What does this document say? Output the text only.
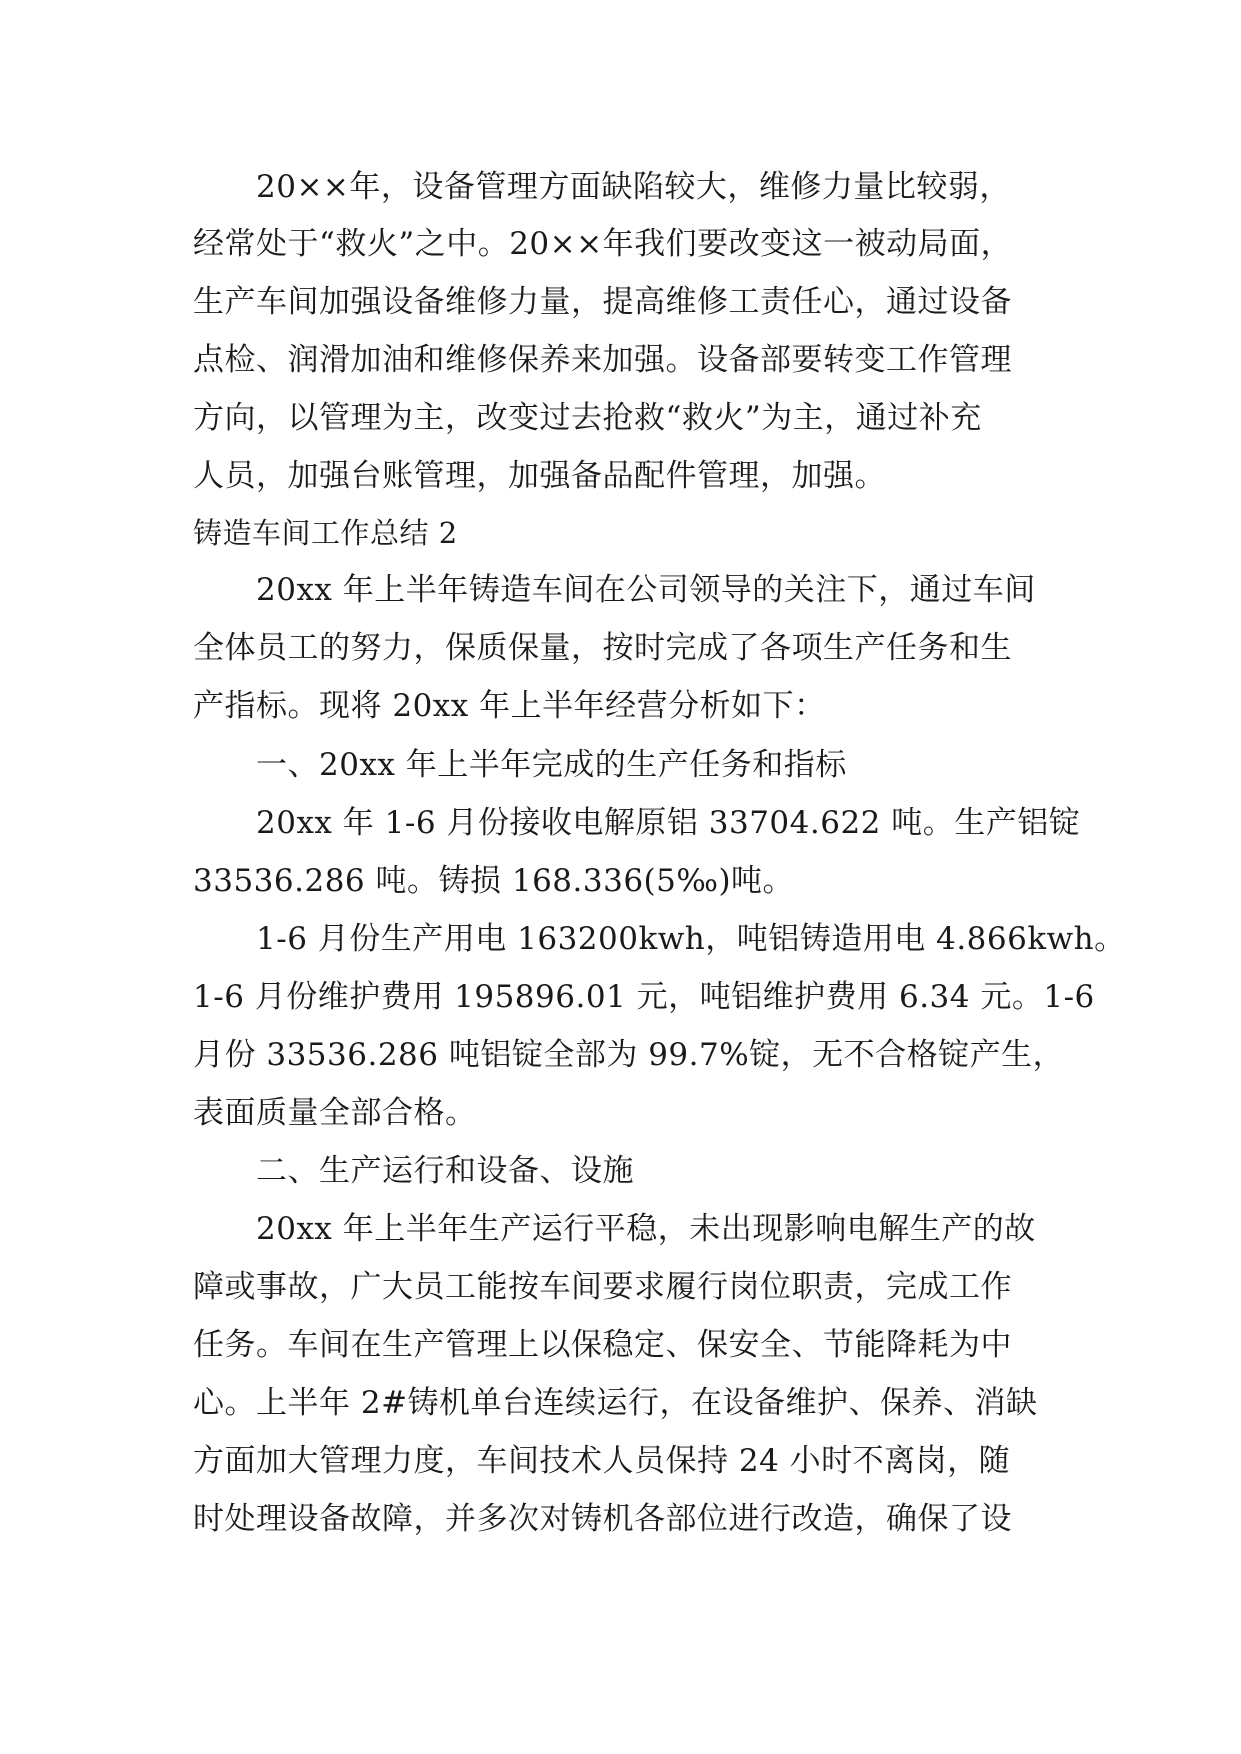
20××年，设备管理方面缺陷较大，维修力量比较弱，
经常处于“救火”之中。20××年我们要改变这一被动局面，
生产车间加强设备维修力量，提高维修工责任心，通过设备
点检、润滑加油和维修保养来加强。设备部要转变工作管理
方向，以管理为主，改变过去抢救“救火”为主，通过补充
人员，加强台账管理，加强备品配件管理，加强。
铸造车间工作总结 2
20xx 年上半年铸造车间在公司领导的关注下，通过车间
全体员工的努力，保质保量，按时完成了各项生产任务和生
产指标。现将 20xx 年上半年经营分析如下：
一、20xx 年上半年完成的生产任务和指标
20xx 年 1-6 月份接收电解原铝 33704.622 吨。生产铝锭
33536.286 吨。铸损 168.336(5‰)吨。
1-6 月份生产用电 163200kwh，吨铝铸造用电 4.866kwh。
1-6 月份维护费用 195896.01 元，吨铝维护费用 6.34 元。1-6
月份 33536.286 吨铝锭全部为 99.7%锭，无不合格锭产生，
表面质量全部合格。
二、生产运行和设备、设施
20xx 年上半年生产运行平稳，未出现影响电解生产的故
障或事故，广大员工能按车间要求履行岗位职责，完成工作
任务。车间在生产管理上以保稳定、保安全、节能降耗为中
心。上半年 2#铸机单台连续运行，在设备维护、保养、消缺
方面加大管理力度，车间技术人员保持 24 小时不离岗，随
时处理设备故障，并多次对铸机各部位进行改造，确保了设
